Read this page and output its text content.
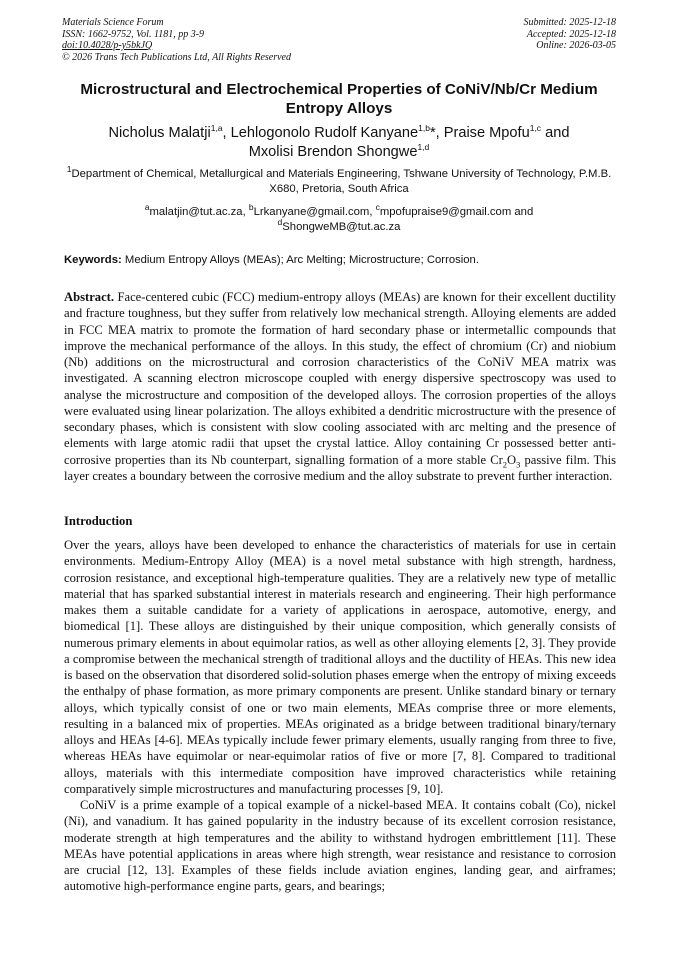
Materials Science Forum
ISSN: 1662-9752, Vol. 1181, pp 3-9
doi:10.4028/p-y5bkJQ
© 2026 Trans Tech Publications Ltd, All Rights Reserved
Submitted: 2025-12-18
Accepted: 2025-12-18
Online: 2026-03-05
Microstructural and Electrochemical Properties of CoNiV/Nb/Cr Medium Entropy Alloys
Nicholus Malatji$^{1,a}$, Lehlogonolo Rudolf Kanyane$^{1,b}$*, Praise Mpofu$^{1,c}$ and
Mxolisi Brendon Shongwe$^{1,d}$
$^1$Department of Chemical, Metallurgical and Materials Engineering, Tshwane University of Technology, P.M.B. X680, Pretoria, South Africa
$^a$malatjin@tut.ac.za, $^b$Lrkanyane@gmail.com, $^c$mpofupraise9@gmail.com and
$^d$ShongweMB@tut.ac.za
Keywords: Medium Entropy Alloys (MEAs); Arc Melting; Microstructure; Corrosion.
Abstract. Face-centered cubic (FCC) medium-entropy alloys (MEAs) are known for their excellent ductility and fracture toughness, but they suffer from relatively low mechanical strength. Alloying elements are added in FCC MEA matrix to promote the formation of hard secondary phase or intermetallic compounds that improve the mechanical performance of the alloys. In this study, the effect of chromium (Cr) and niobium (Nb) additions on the microstructural and corrosion characteristics of the CoNiV MEA matrix was investigated. A scanning electron microscope coupled with energy dispersive spectroscopy was used to analyse the microstructure and composition of the developed alloys. The corrosion properties of the alloys were evaluated using linear polarization. The alloys exhibited a dendritic microstructure with the presence of secondary phases, which is consistent with slow cooling associated with arc melting and the presence of elements with large atomic radii that upset the crystal lattice. Alloy containing Cr possessed better anti-corrosive properties than its Nb counterpart, signalling formation of a more stable $Cr_2O_3$ passive film. This layer creates a boundary between the corrosive medium and the alloy substrate to prevent further interaction.
Introduction

Over the years, alloys have been developed to enhance the characteristics of materials for use in certain environments. Medium-Entropy Alloy (MEA) is a novel metal substance with high strength, hardness, corrosion resistance, and exceptional high-temperature qualities. They are a relatively new type of metallic material that has sparked substantial interest in materials research and engineering. Their high performance makes them a suitable candidate for a variety of applications in aerospace, automotive, energy, and biomedical [1]. These alloys are distinguished by their unique composition, which generally consists of numerous primary elements in about equimolar ratios, as well as other alloying elements [2, 3]. They provide a compromise between the mechanical strength of traditional alloys and the ductility of HEAs. This new idea is based on the observation that disordered solid-solution phases emerge when the entropy of mixing exceeds the enthalpy of phase formation, as more primary components are present. Unlike standard binary or ternary alloys, which typically consist of one or two main elements, MEAs comprise three or more elements, resulting in a balanced mix of properties. MEAs originated as a bridge between traditional binary/ternary alloys and HEAs [4-6]. MEAs typically include fewer primary elements, usually ranging from three to five, whereas HEAs have equimolar or near-equimolar ratios of five or more [7, 8]. Compared to traditional alloys, materials with this intermediate composition have improved characteristics while retaining comparatively simple microstructures and manufacturing processes [9, 10].

CoNiV is a prime example of a topical example of a nickel-based MEA. It contains cobalt (Co), nickel (Ni), and vanadium. It has gained popularity in the industry because of its excellent corrosion resistance, moderate strength at high temperatures and the ability to withstand hydrogen embrittlement [11]. These MEAs have potential applications in areas where high strength, wear resistance and resistance to corrosion are crucial [12, 13]. Examples of these fields include aviation engines, landing gear, and airframes; automotive high-performance engine parts, gears, and bearings;
